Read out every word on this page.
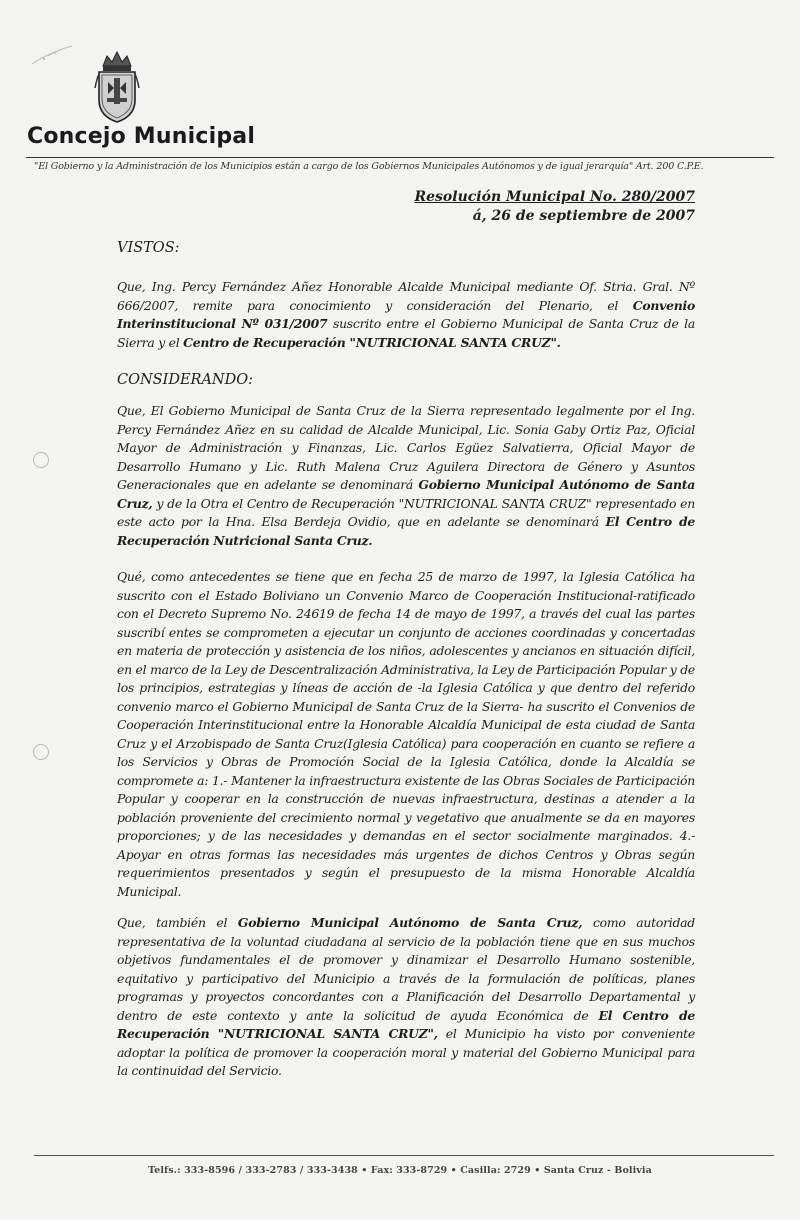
Concejo Municipal
"El Gobierno y la Administración de los Municipios están a cargo de los Gobiernos Municipales Autónomos y de igual jerarquía" Art. 200 C.P.E.
Resolución Municipal No. 280/2007
á, 26 de septiembre de 2007
VISTOS:
Que, Ing. Percy Fernández Añez Honorable Alcalde Municipal mediante Of. Stria. Gral. Nº 666/2007, remite para conocimiento y consideración del Plenario, el Convenio Interinstitucional Nº 031/2007 suscrito entre el Gobierno Municipal de Santa Cruz de la Sierra y el Centro de Recuperación "NUTRICIONAL SANTA CRUZ".
CONSIDERANDO:
Que, El Gobierno Municipal de Santa Cruz de la Sierra representado legalmente por el Ing. Percy Fernández Añez en su calidad de Alcalde Municipal, Lic. Sonia Gaby Ortiz Paz, Oficial Mayor de Administración y Finanzas, Lic. Carlos Egüez Salvatierra, Oficial Mayor de Desarrollo Humano y Lic. Ruth Malena Cruz Aguilera Directora de Género y Asuntos Generacionales que en adelante se denominará Gobierno Municipal Autónomo de Santa Cruz, y de la Otra el Centro de Recuperación "NUTRICIONAL SANTA CRUZ" representado en este acto por la Hna. Elsa Berdeja Ovidio, que en adelante se denominará El Centro de Recuperación Nutricional Santa Cruz.
Qué, como antecedentes se tiene que en fecha 25 de marzo de 1997, la Iglesia Católica ha suscrito con el Estado Boliviano un Convenio Marco de Cooperación Institucional-ratificado con el Decreto Supremo No. 24619 de fecha 14 de mayo de 1997, a través del cual las partes suscribí entes se comprometen a ejecutar un conjunto de acciones coordinadas y concertadas en materia de protección y asistencia de los niños, adolescentes y ancianos en situación difícil, en el marco de la Ley de Descentralización Administrativa, la Ley de Participación Popular y de los principios, estrategias y líneas de acción de -la Iglesia Católica y que dentro del referido convenio marco el Gobierno Municipal de Santa Cruz de la Sierra- ha suscrito el Convenios de Cooperación Interinstitucional entre la Honorable Alcaldía Municipal de esta ciudad de Santa Cruz y el Arzobispado de Santa Cruz(Iglesia Católica) para cooperación en cuanto se refiere a los Servicios y Obras de Promoción Social de la Iglesia Católica, donde la Alcaldía se compromete a: 1.- Mantener la infraestructura existente de las Obras Sociales de Participación Popular y cooperar en la construcción de nuevas infraestructura, destinas a atender a la población proveniente del crecimiento normal y vegetativo que anualmente se da en mayores proporciones; y de las necesidades y demandas en el sector socialmente marginados. 4.- Apoyar en otras formas las necesidades más urgentes de dichos Centros y Obras según requerimientos presentados y según el presupuesto de la misma Honorable Alcaldía Municipal.
Que, también el Gobierno Municipal Autónomo de Santa Cruz, como autoridad representativa de la voluntad ciudadana al servicio de la población tiene que en sus muchos objetivos fundamentales el de promover y dinamizar el Desarrollo Humano sostenible, equitativo y participativo del Municipio a través de la formulación de políticas, planes programas y proyectos concordantes con a Planificación del Desarrollo Departamental y dentro de este contexto y ante la solicitud de ayuda Económica de El Centro de Recuperación "NUTRICIONAL SANTA CRUZ", el Municipio ha visto por conveniente adoptar la política de promover la cooperación moral y material del Gobierno Municipal para la continuidad del Servicio.
Telfs.: 333-8596 / 333-2783 / 333-3438 • Fax: 333-8729 • Casilla: 2729 • Santa Cruz - Bolivia
